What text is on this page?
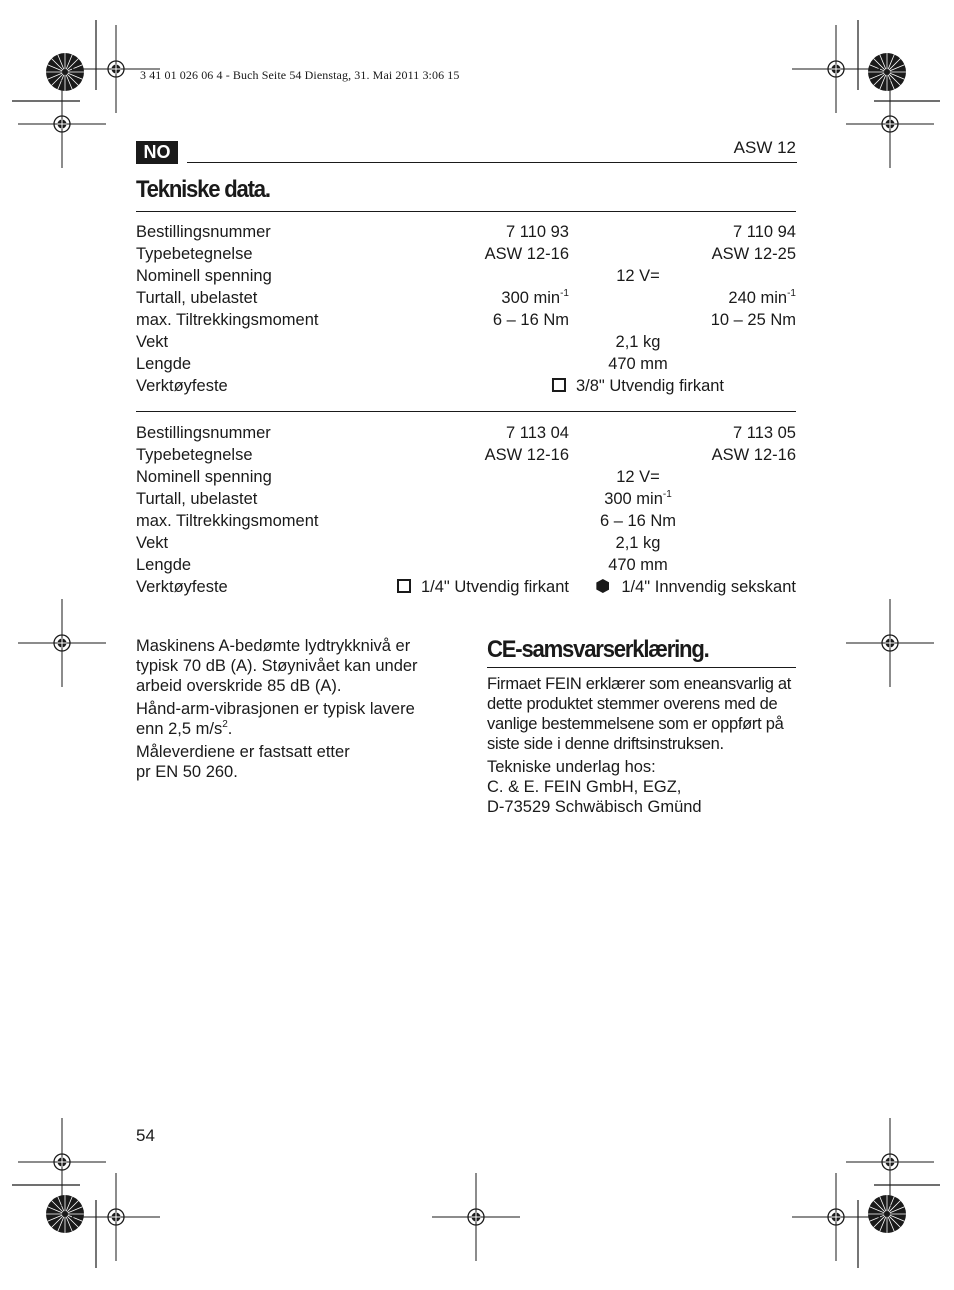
3 41 01 026 06 4 - Buch Seite 54 Dienstag, 31. Mai 2011 3:06 15
NO	ASW 12
Tekniske data.
Bestillingsnummer	7 110 93	7 110 94
Typebetegnelse	ASW 12-16	ASW 12-25
Nominell spenning	12 V=
Turtall, ubelastet	300 $\min^{-1}$	240 $\min^{-1}$
max. Tiltrekkingsmoment	6 – 16 Nm	10 – 25 Nm
Vekt	2,1 kg
Lengde	470 mm
Verktøyfeste	3/8" Utvendig firkant
Bestillingsnummer	7 113 04	7 113 05
Typebetegnelse	ASW 12-16	ASW 12-16
Nominell spenning	12 V=
Turtall, ubelastet	300 $\min^{-1}$
max. Tiltrekkingsmoment	6 – 16 Nm
Vekt	2,1 kg
Lengde	470 mm
Verktøyfeste	1/4" Utvendig firkant	1/4" Innvendig sekskant

Maskinens A-bedømte lydtrykknivå er typisk 70 dB (A). Støynivået kan under arbeid overskride 85 dB (A).

Hånd-arm-vibrasjonen er typisk lavere enn 2,5 $m/s^2$.

Måleverdiene er fastsatt etter pr EN 50 260.

CE-samsvarserklæring.

Firmaet FEIN erklærer som eneansvarlig at dette produktet stemmer overens med de vanlige bestemmelsene som er oppført på siste side i denne driftsinstruksen.

Tekniske underlag hos:

C. & E. FEIN GmbH, EGZ,

D-73529 Schwäbisch Gmünd

54
